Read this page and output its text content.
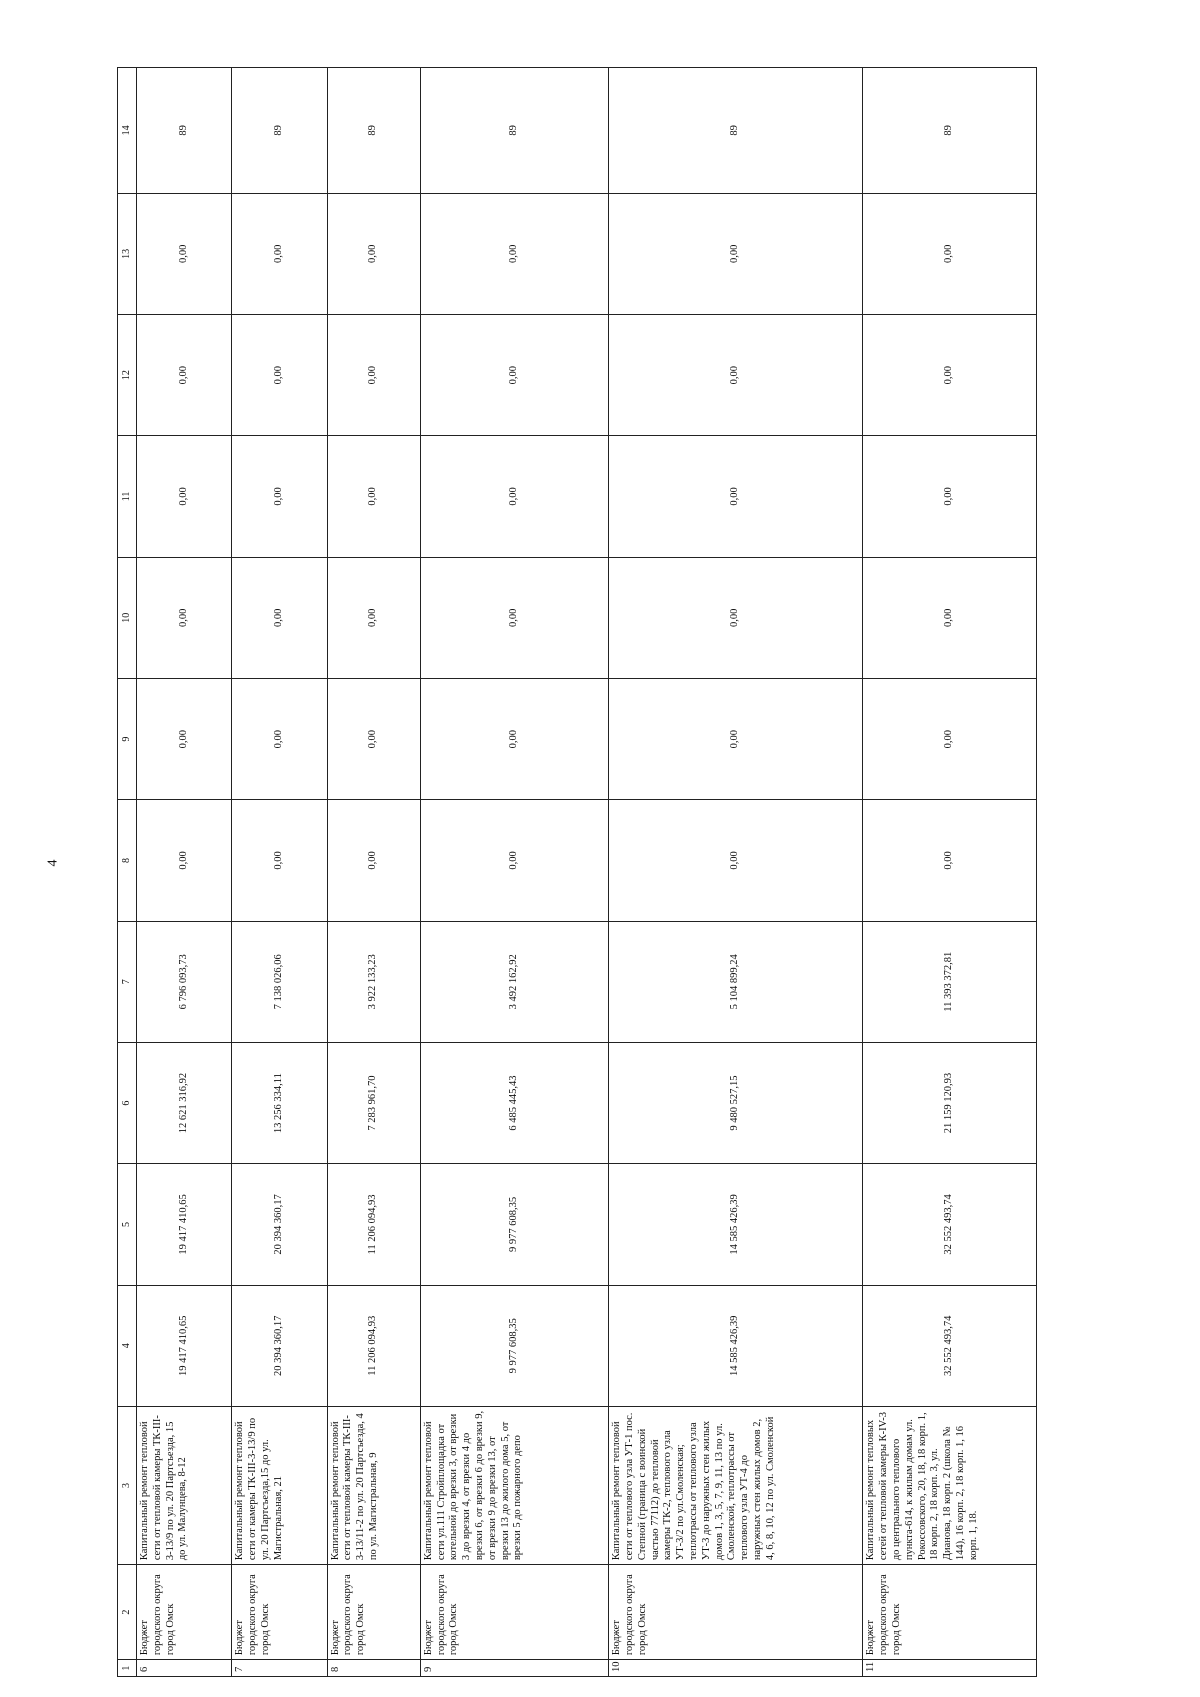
4
1	2	3	4	5	6	7	8	9	10	11	12	13	14
6	Бюджет городского округа город Омск	Капитальный ремонт тепловой сети от тепловой камеры ТК-III-3-13/9 по ул. 20 Партсъезда, 15 до ул. Малунцева, 8-12	19 417 410,65	19 417 410,65	12 621 316,92	6 796 093,73	0,00	0,00	0,00	0,00	0,00	0,00	89
7	Бюджет городского округа город Омск	Капитальный ремонт тепловой сети от камеры ТК-III-3-13/9 по ул. 20 Партсъезда,15 до ул. Магистральная, 21	20 394 360,17	20 394 360,17	13 256 334,11	7 138 026,06	0,00	0,00	0,00	0,00	0,00	0,00	89
8	Бюджет городского округа город Омск	Капитальный ремонт тепловой сети от тепловой камеры ТК-III-3-13/11-2 по ул. 20 Партсъезда, 4 по ул. Магистральная, 9	11 206 094,93	11 206 094,93	7 283 961,70	3 922 133,23	0,00	0,00	0,00	0,00	0,00	0,00	89
9	Бюджет городского округа город Омск	Капитальный ремонт тепловой сети ул.111 Стройплощадка от котельной до врезки 3, от врезки 3 до врезки 4, от врезки 4 до врезки 6, от врезки 6 до врезки 9, от врезки 9 до врезки 13, от врезки 13 до жилого дома 5, от врезки 5 до пожарного депо	9 977 608,35	9 977 608,35	6 485 445,43	3 492 162,92	0,00	0,00	0,00	0,00	0,00	0,00	89
10	Бюджет городского округа город Омск	Капитальный ремонт тепловой сети от теплового узла УТ-1 пос. Степной (граница с воинской частью 77112) до тепловой камеры ТК-2, теплового узла УТ-3/2 по ул.Смоленская; теплотрассы от теплового узла УТ-3 до наружных стен жилых домов 1, 3, 5, 7, 9, 11, 13 по ул. Смоленской, теплотрассы от теплового узла УТ-4 до наружных стен жилых домов 2, 4, 6, 8, 10, 12 по ул. Смоленской	14 585 426,39	14 585 426,39	9 480 527,15	5 104 899,24	0,00	0,00	0,00	0,00	0,00	0,00	89
11	Бюджет городского округа город Омск	Капитальный ремонт тепловых сетей от тепловой камеры К-IV-3 до центрального теплового пункта-614, к жилым домам ул. Рокоссовского, 20, 18, 18 корп. 1, 18 корп. 2, 18 корп. 3, ул. Дианова, 18 корп. 2 (школа № 144), 16 корп. 2, 18 корп. 1, 16 корп. 1, 18.	32 552 493,74	32 552 493,74	21 159 120,93	11 393 372,81	0,00	0,00	0,00	0,00	0,00	0,00	89
